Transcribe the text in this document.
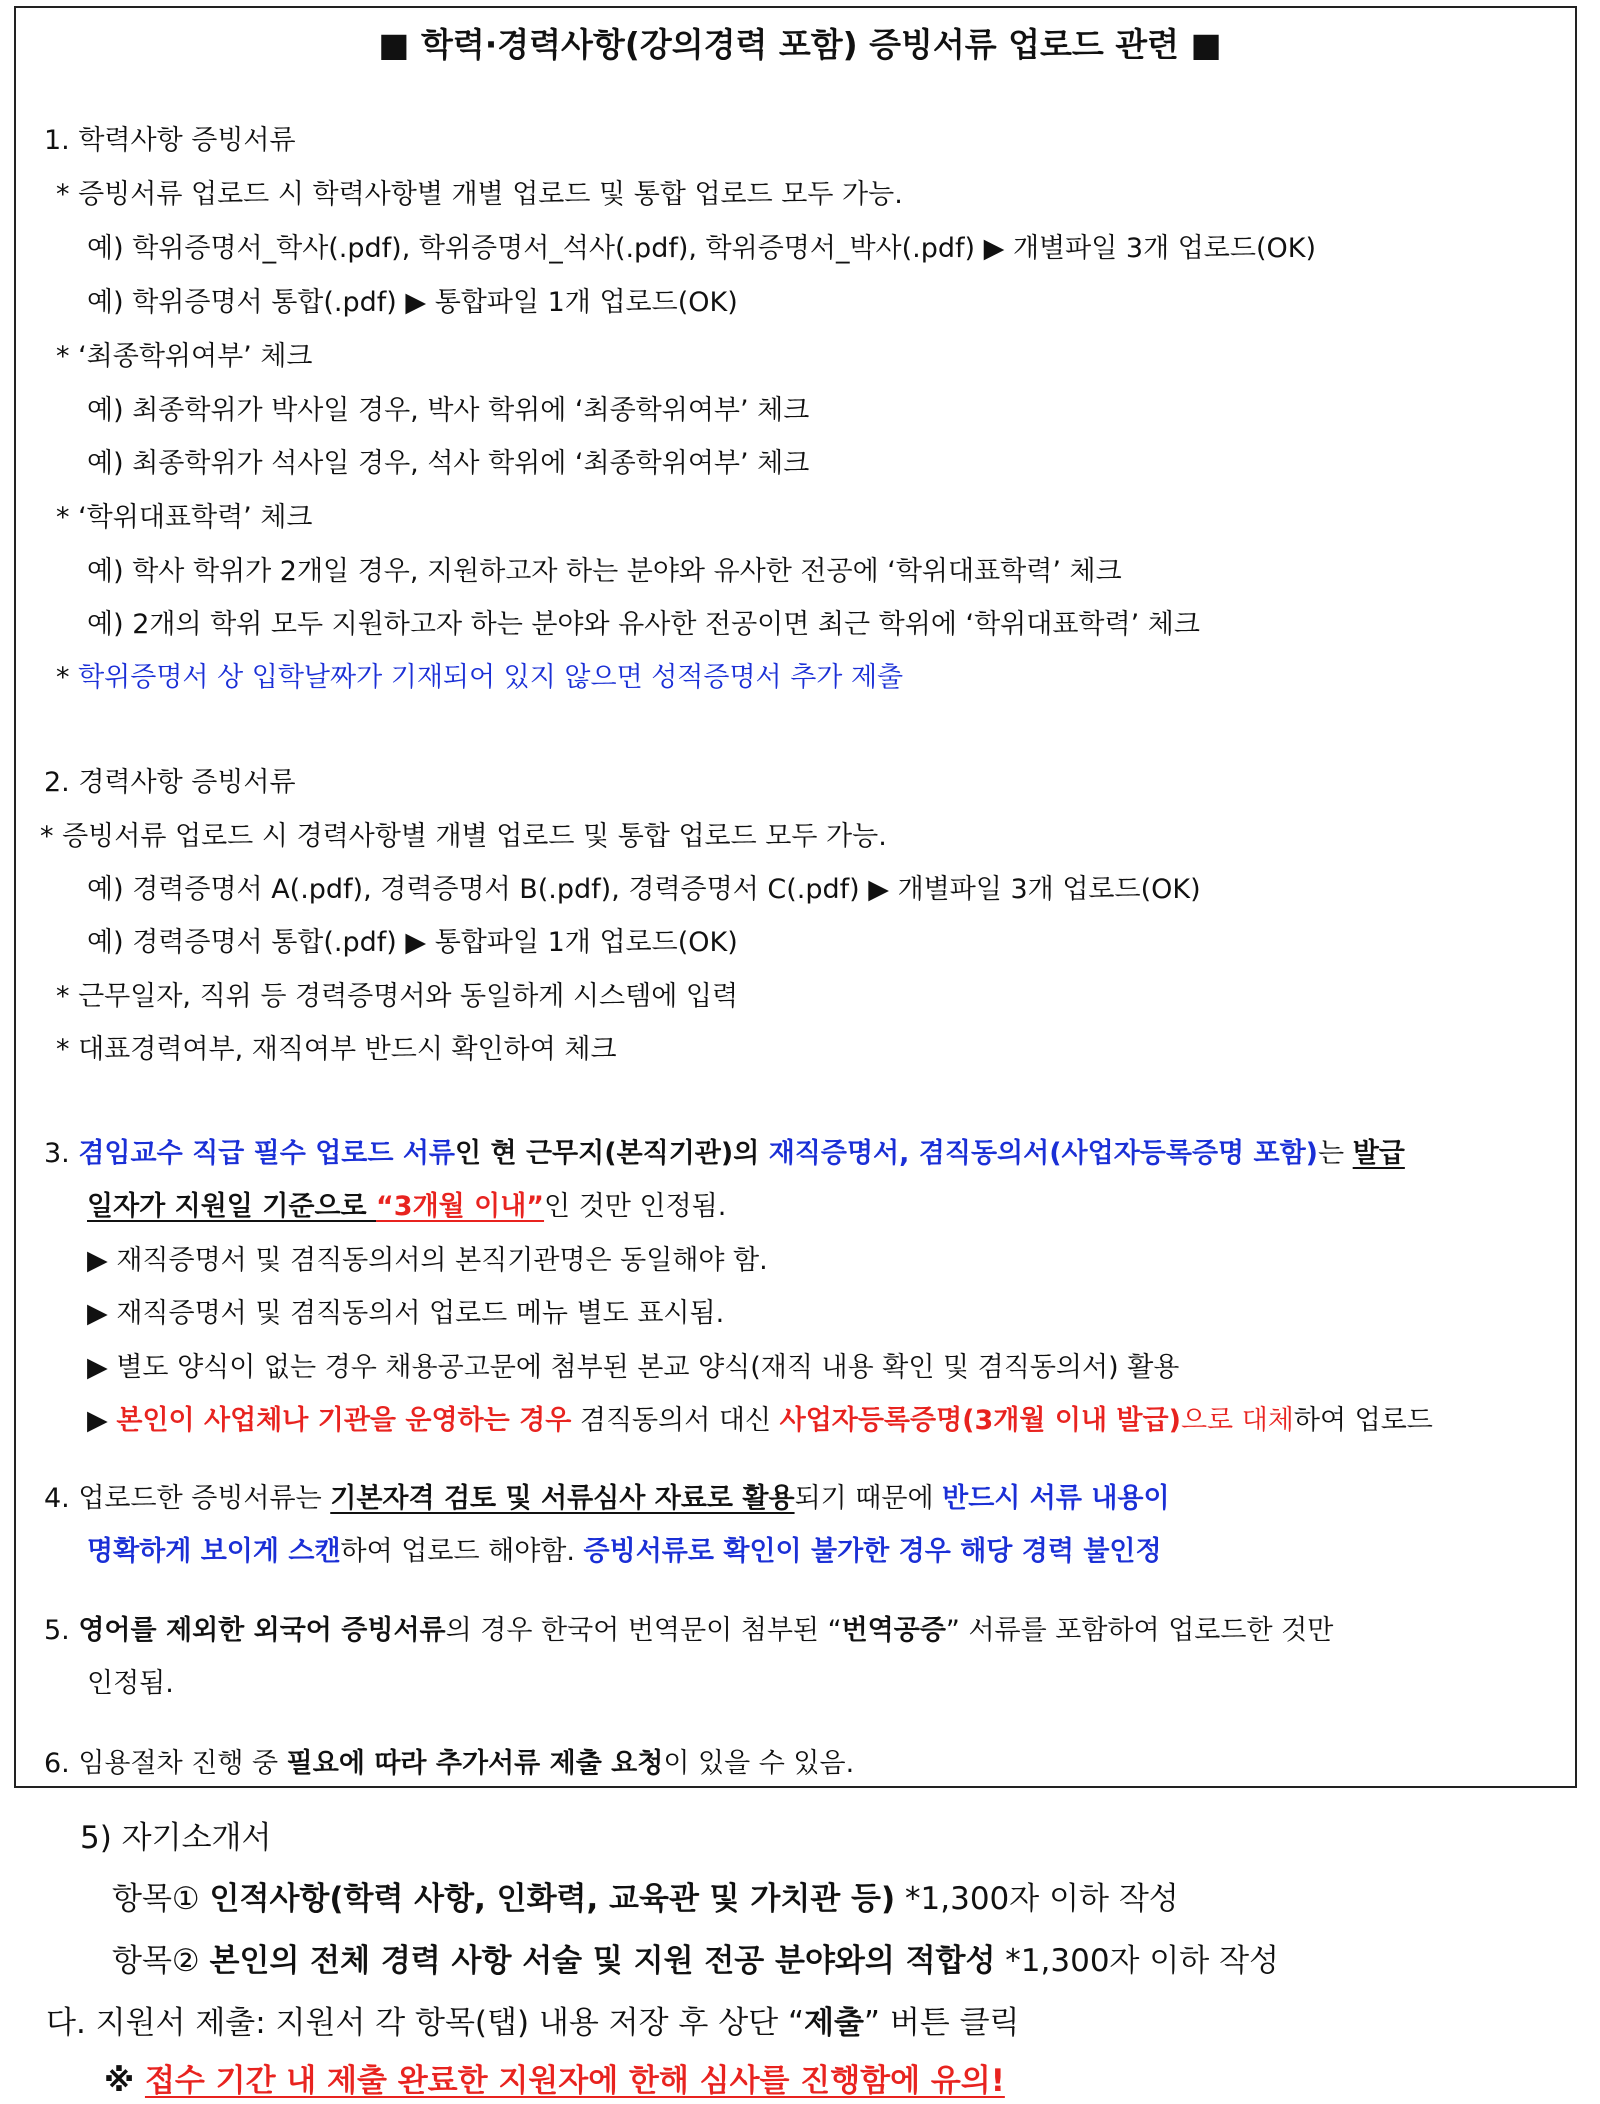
■ 학력·경력사항(강의경력 포함) 증빙서류 업로드 관련 ■
1. 학력사항 증빙서류
* 증빙서류 업로드 시 학력사항별 개별 업로드 및 통합 업로드 모두 가능.
예) 학위증명서_학사(.pdf), 학위증명서_석사(.pdf), 학위증명서_박사(.pdf) ▶ 개별파일 3개 업로드(OK)
예) 학위증명서 통합(.pdf) ▶ 통합파일 1개 업로드(OK)
* ‘최종학위여부’ 체크
예) 최종학위가 박사일 경우, 박사 학위에 ‘최종학위여부’ 체크
예) 최종학위가 석사일 경우, 석사 학위에 ‘최종학위여부’ 체크
* ‘학위대표학력’ 체크
예) 학사 학위가 2개일 경우, 지원하고자 하는 분야와 유사한 전공에 ‘학위대표학력’ 체크
예) 2개의 학위 모두 지원하고자 하는 분야와 유사한 전공이면 최근 학위에 ‘학위대표학력’ 체크
* 학위증명서 상 입학날짜가 기재되어 있지 않으면 성적증명서 추가 제출
2. 경력사항 증빙서류
* 증빙서류 업로드 시 경력사항별 개별 업로드 및 통합 업로드 모두 가능.
예) 경력증명서 A(.pdf), 경력증명서 B(.pdf), 경력증명서 C(.pdf) ▶ 개별파일 3개 업로드(OK)
예) 경력증명서 통합(.pdf) ▶ 통합파일 1개 업로드(OK)
* 근무일자, 직위 등 경력증명서와 동일하게 시스템에 입력
* 대표경력여부, 재직여부 반드시 확인하여 체크
3. 겸임교수 직급 필수 업로드 서류인 현 근무지(본직기관)의 재직증명서, 겸직동의서(사업자등록증명 포함)는 발급
일자가 지원일 기준으로 “3개월 이내”인 것만 인정됨.
▶ 재직증명서 및 겸직동의서의 본직기관명은 동일해야 함.
▶ 재직증명서 및 겸직동의서 업로드 메뉴 별도 표시됨.
▶ 별도 양식이 없는 경우 채용공고문에 첨부된 본교 양식(재직 내용 확인 및 겸직동의서) 활용
▶ 본인이 사업체나 기관을 운영하는 경우 겸직동의서 대신 사업자등록증명(3개월 이내 발급)으로 대체하여 업로드
4. 업로드한 증빙서류는 기본자격 검토 및 서류심사 자료로 활용되기 때문에 반드시 서류 내용이
명확하게 보이게 스캔하여 업로드 해야함. 증빙서류로 확인이 불가한 경우 해당 경력 불인정
5. 영어를 제외한 외국어 증빙서류의 경우 한국어 번역문이 첨부된 “번역공증” 서류를 포함하여 업로드한 것만
인정됨.
6. 임용절차 진행 중 필요에 따라 추가서류 제출 요청이 있을 수 있음.
5) 자기소개서
항목① 인적사항(학력 사항, 인화력, 교육관 및 가치관 등) *1,300자 이하 작성
항목② 본인의 전체 경력 사항 서술 및 지원 전공 분야와의 적합성 *1,300자 이하 작성
다. 지원서 제출: 지원서 각 항목(탭) 내용 저장 후 상단 “제출” 버튼 클릭
※ 접수 기간 내 제출 완료한 지원자에 한해 심사를 진행함에 유의!
